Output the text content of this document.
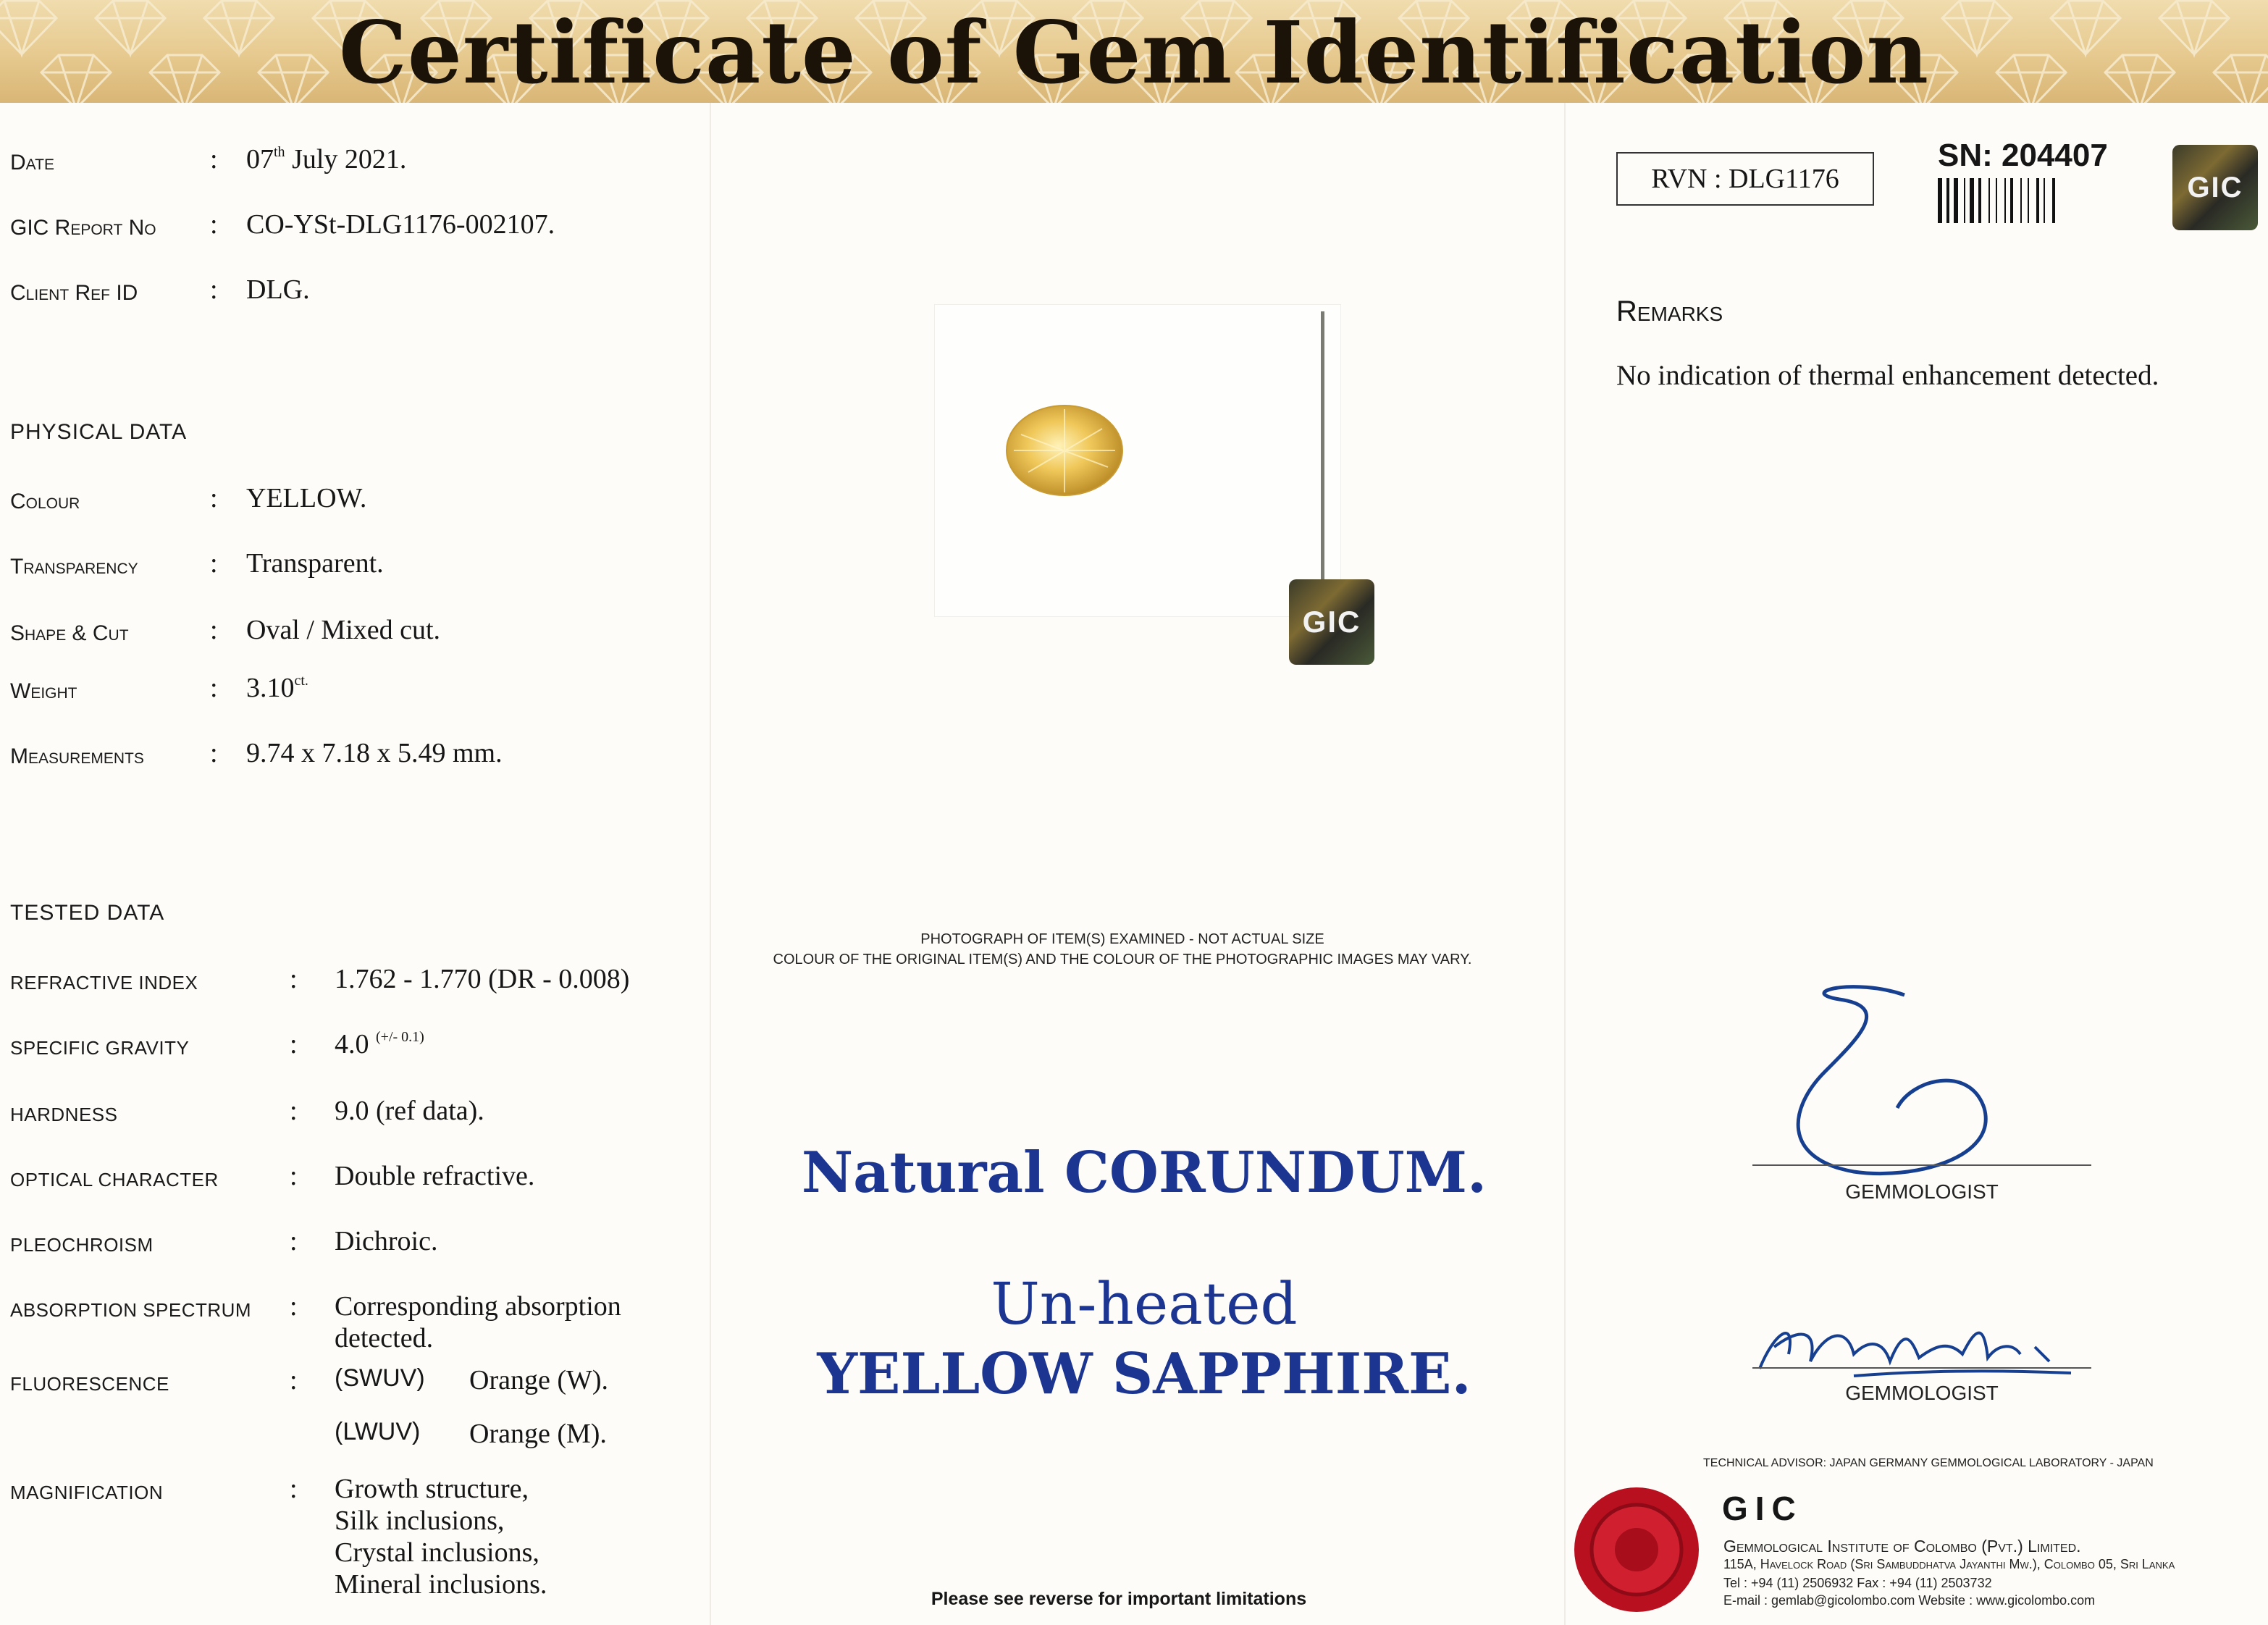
Certificate of Gem Identification
Date	: 07th July 2021.
GIC Report No : CO-YSt-DLG1176-002107.
Client Ref ID	: DLG.
PHYSICAL DATA
Colour	: YELLOW.
Transparency	: Transparent.
Shape & Cut	: Oval / Mixed cut.
Weight	: $3.10^{ct.}$
Measurements : 9.74 x 7.18 x 5.49 mm.
TESTED DATA
REFRACTIVE INDEX	: 1.762 - 1.770 (DR - 0.008)
SPECIFIC GRAVITY	: 4.0 $^{(+/- 0.1)}$
HARDNESS	: 9.0 (ref data).
OPTICAL CHARACTER	: Double refractive.
PLEOCHROISM	: Dichroic.
ABSORPTION SPECTRUM : Corresponding absorption
detected.
FLUORESCENCE	: (SWUV) Orange (W).
(LWUV) Orange (M).
MAGNIFICATION	: Growth structure,
Silk inclusions,
Crystal inclusions,
Mineral inclusions.
GIC
PHOTOGRAPH OF ITEM(S) EXAMINED - NOT ACTUAL SIZE
COLOUR OF THE ORIGINAL ITEM(S) AND THE COLOUR OF THE PHOTOGRAPHIC IMAGES MAY VARY.
Natural CORUNDUM.
Un-heated
YELLOW SAPPHIRE.
Please see reverse for important limitations
RVN : DLG1176
SN: 204407
GIC
Remarks
No indication of thermal enhancement detected.
GEMMOLOGIST
GEMMOLOGIST
TECHNICAL ADVISOR: JAPAN GERMANY GEMMOLOGICAL LABORATORY - JAPAN
GIC
Gemmological Institute of Colombo (Pvt.) Limited.
115A, Havelock Road (Sri Sambuddhatva Jayanthi Mw.), Colombo 05, Sri Lanka
Tel : +94 (11) 2506932 Fax : +94 (11) 2503732
E-mail : gemlab@gicolombo.com Website : www.gicolombo.com
